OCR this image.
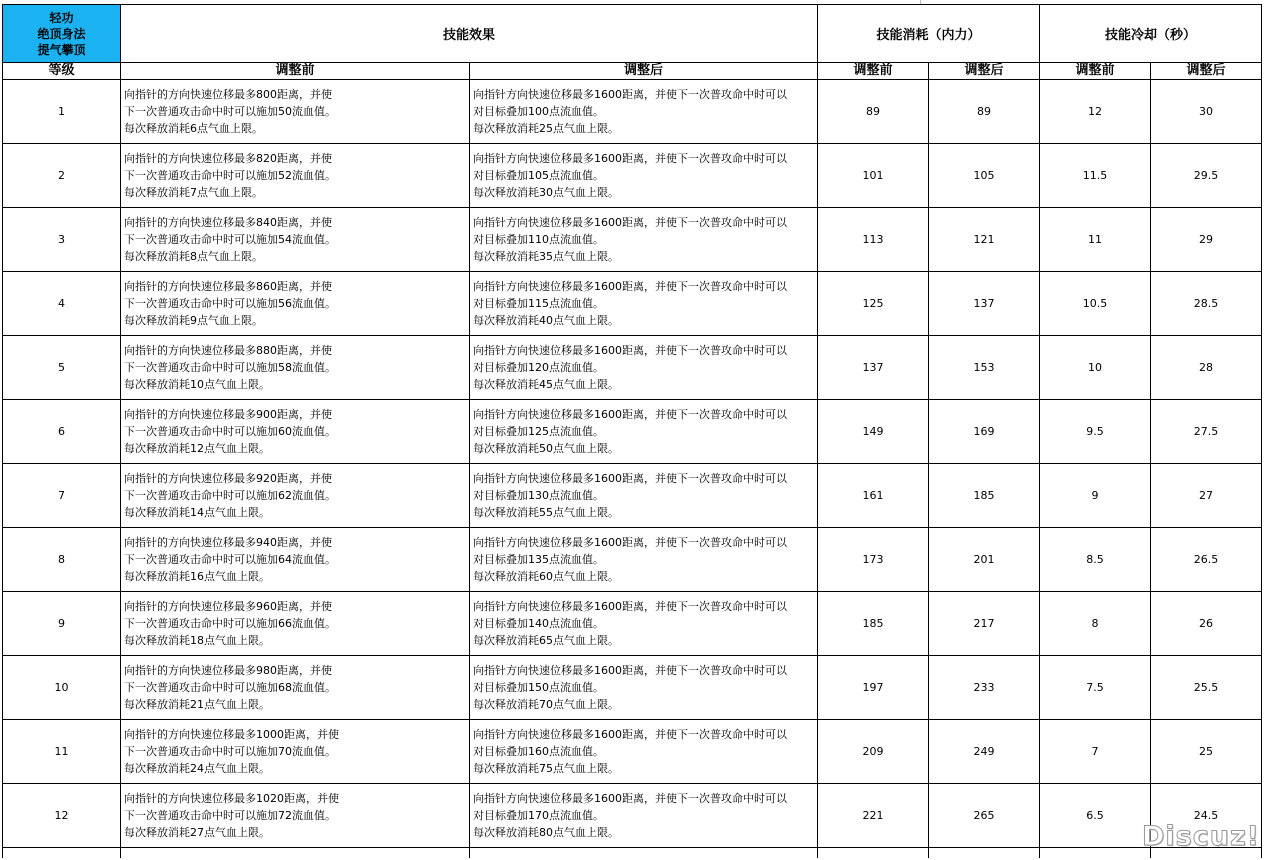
轻功
绝顶身法
提气攀顶	技能效果		技能消耗（内力）		技能冷却（秒）	
等级	调整前	调整后	调整前	调整后	调整前	调整后
1	向指针的方向快速位移最多800距离，并使
下一次普通攻击命中时可以施加50流血值。
每次释放消耗6点气血上限。	向指针方向快速位移最多1600距离，并使下一次普攻命中时可以
对目标叠加100点流血值。
每次释放消耗25点气血上限。	89	89	12	30
2	向指针的方向快速位移最多820距离，并使
下一次普通攻击命中时可以施加52流血值。
每次释放消耗7点气血上限。	向指针方向快速位移最多1600距离，并使下一次普攻命中时可以
对目标叠加105点流血值。
每次释放消耗30点气血上限。	101	105	11.5	29.5
3	向指针的方向快速位移最多840距离，并使
下一次普通攻击命中时可以施加54流血值。
每次释放消耗8点气血上限。	向指针方向快速位移最多1600距离，并使下一次普攻命中时可以
对目标叠加110点流血值。
每次释放消耗35点气血上限。	113	121	11	29
4	向指针的方向快速位移最多860距离，并使
下一次普通攻击命中时可以施加56流血值。
每次释放消耗9点气血上限。	向指针方向快速位移最多1600距离，并使下一次普攻命中时可以
对目标叠加115点流血值。
每次释放消耗40点气血上限。	125	137	10.5	28.5
5	向指针的方向快速位移最多880距离，并使
下一次普通攻击命中时可以施加58流血值。
每次释放消耗10点气血上限。	向指针方向快速位移最多1600距离，并使下一次普攻命中时可以
对目标叠加120点流血值。
每次释放消耗45点气血上限。	137	153	10	28
6	向指针的方向快速位移最多900距离，并使
下一次普通攻击命中时可以施加60流血值。
每次释放消耗12点气血上限。	向指针方向快速位移最多1600距离，并使下一次普攻命中时可以
对目标叠加125点流血值。
每次释放消耗50点气血上限。	149	169	9.5	27.5
7	向指针的方向快速位移最多920距离，并使
下一次普通攻击命中时可以施加62流血值。
每次释放消耗14点气血上限。	向指针方向快速位移最多1600距离，并使下一次普攻命中时可以
对目标叠加130点流血值。
每次释放消耗55点气血上限。	161	185	9	27
8	向指针的方向快速位移最多940距离，并使
下一次普通攻击命中时可以施加64流血值。
每次释放消耗16点气血上限。	向指针方向快速位移最多1600距离，并使下一次普攻命中时可以
对目标叠加135点流血值。
每次释放消耗60点气血上限。	173	201	8.5	26.5
9	向指针的方向快速位移最多960距离，并使
下一次普通攻击命中时可以施加66流血值。
每次释放消耗18点气血上限。	向指针方向快速位移最多1600距离，并使下一次普攻命中时可以
对目标叠加140点流血值。
每次释放消耗65点气血上限。	185	217	8	26
10	向指针的方向快速位移最多980距离，并使
下一次普通攻击命中时可以施加68流血值。
每次释放消耗21点气血上限。	向指针方向快速位移最多1600距离，并使下一次普攻命中时可以
对目标叠加150点流血值。
每次释放消耗70点气血上限。	197	233	7.5	25.5
11	向指针的方向快速位移最多1000距离，并使
下一次普通攻击命中时可以施加70流血值。
每次释放消耗24点气血上限。	向指针方向快速位移最多1600距离，并使下一次普攻命中时可以
对目标叠加160点流血值。
每次释放消耗75点气血上限。	209	249	7	25
12	向指针的方向快速位移最多1020距离，并使
下一次普通攻击命中时可以施加72流血值。
每次释放消耗27点气血上限。	向指针方向快速位移最多1600距离，并使下一次普攻命中时可以
对目标叠加170点流血值。
每次释放消耗80点气血上限。	221	265	6.5	24.5

Discuz!
